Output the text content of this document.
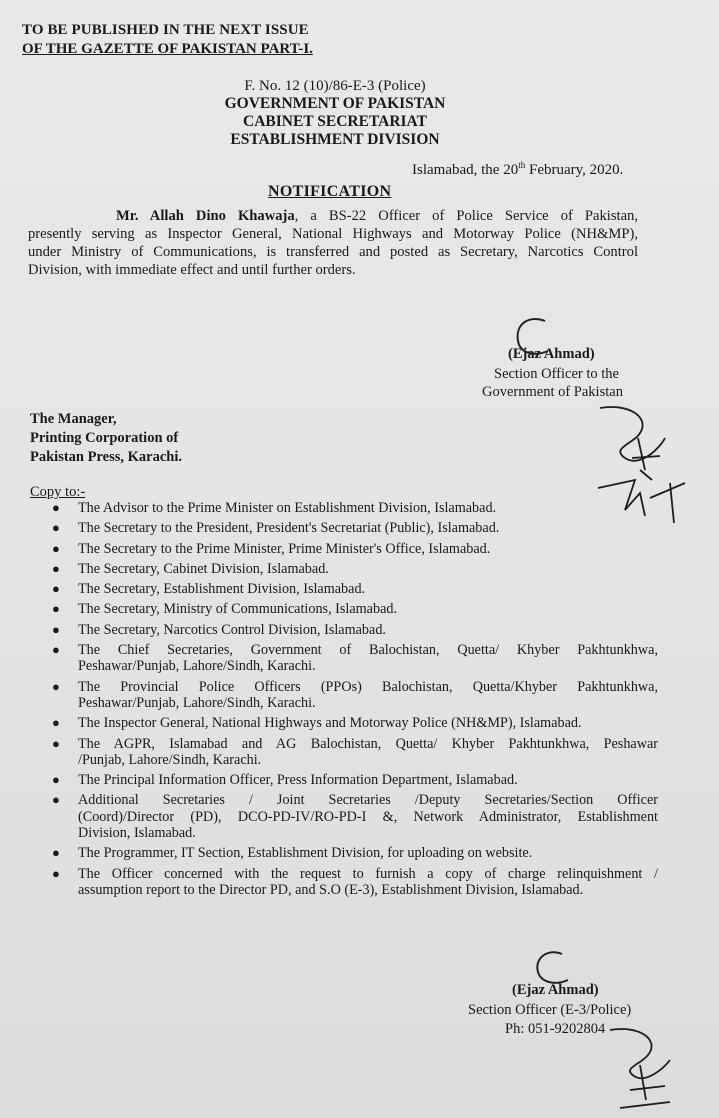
TO BE PUBLISHED IN THE NEXT ISSUE
OF THE GAZETTE OF PAKISTAN PART-I.
F. No. 12 (10)/86-E-3 (Police)
GOVERNMENT OF PAKISTAN
CABINET SECRETARIAT
ESTABLISHMENT DIVISION
Islamabad, the 20th February, 2020.
NOTIFICATION
Mr. Allah Dino Khawaja, a BS-22 Officer of Police Service of Pakistan,
presently serving as Inspector General, National Highways and Motorway Police (NH&MP),
under Ministry of Communications, is transferred and posted as Secretary, Narcotics Control
Division, with immediate effect and until further orders.
(Ejaz Ahmad)
Section Officer to the
Government of Pakistan
The Manager,
Printing Corporation of
Pakistan Press, Karachi.
Copy to:-
● The Advisor to the Prime Minister on Establishment Division, Islamabad.
● The Secretary to the President, President's Secretariat (Public), Islamabad.
● The Secretary to the Prime Minister, Prime Minister's Office, Islamabad.
● The Secretary, Cabinet Division, Islamabad.
● The Secretary, Establishment Division, Islamabad.
● The Secretary, Ministry of Communications, Islamabad.
● The Secretary, Narcotics Control Division, Islamabad.
● The Chief Secretaries, Government of Balochistan, Quetta/ Khyber Pakhtunkhwa,
Peshawar/Punjab, Lahore/Sindh, Karachi.
● The Provincial Police Officers (PPOs) Balochistan, Quetta/Khyber Pakhtunkhwa,
Peshawar/Punjab, Lahore/Sindh, Karachi.
● The Inspector General, National Highways and Motorway Police (NH&MP), Islamabad.
● The AGPR, Islamabad and AG Balochistan, Quetta/ Khyber Pakhtunkhwa, Peshawar
/Punjab, Lahore/Sindh, Karachi.
● The Principal Information Officer, Press Information Department, Islamabad.
● Additional Secretaries / Joint Secretaries /Deputy Secretaries/Section Officer
(Coord)/Director (PD), DCO-PD-IV/RO-PD-I &, Network Administrator, Establishment
Division, Islamabad.
● The Programmer, IT Section, Establishment Division, for uploading on website.
● The Officer concerned with the request to furnish a copy of charge relinquishment /
assumption report to the Director PD, and S.O (E-3), Establishment Division, Islamabad.
(Ejaz Ahmad)
Section Officer (E-3/Police)
Ph: 051-9202804
